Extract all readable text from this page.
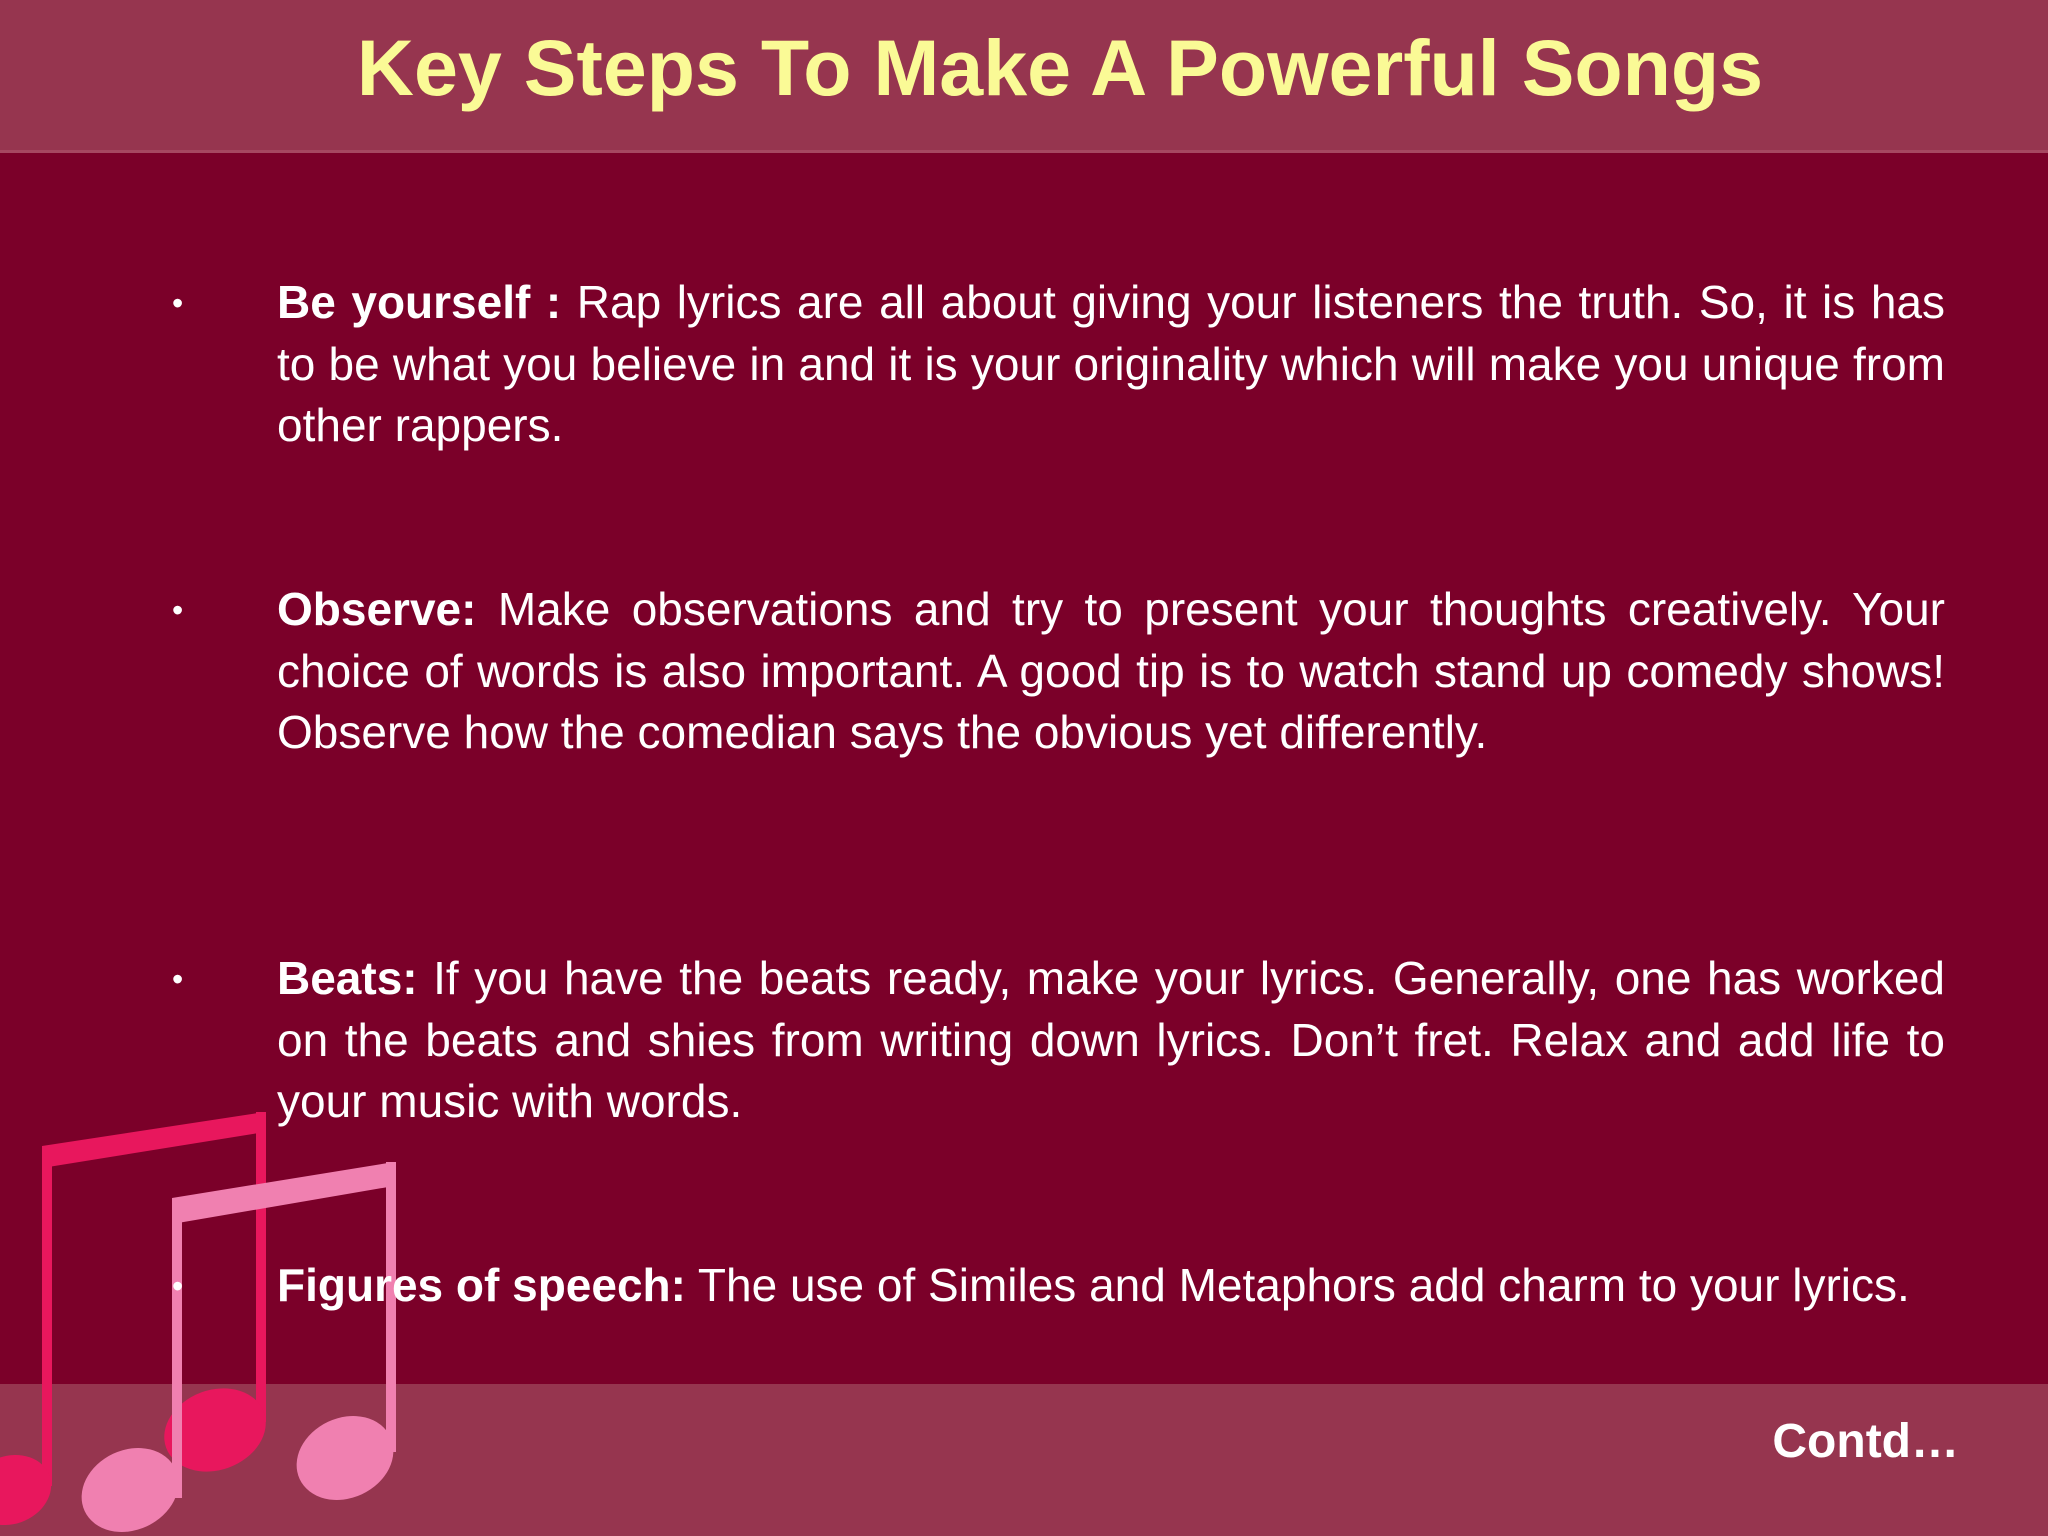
Key Steps To Make A Powerful Songs
• Be yourself : Rap lyrics are all about giving your listeners the truth. So, it is has to be what you believe in and it is your originality which will make you unique from other rappers.
• Observe: Make observations and try to present your thoughts creatively. Your choice of words is also important. A good tip is to watch stand up comedy shows! Observe how the comedian says the obvious yet differently.
• Beats: If you have the beats ready, make your lyrics. Generally, one has worked on the beats and shies from writing down lyrics. Don’t fret. Relax and add life to your music with words.
• Figures of speech: The use of Similes and Metaphors add charm to your lyrics.
Contd…
